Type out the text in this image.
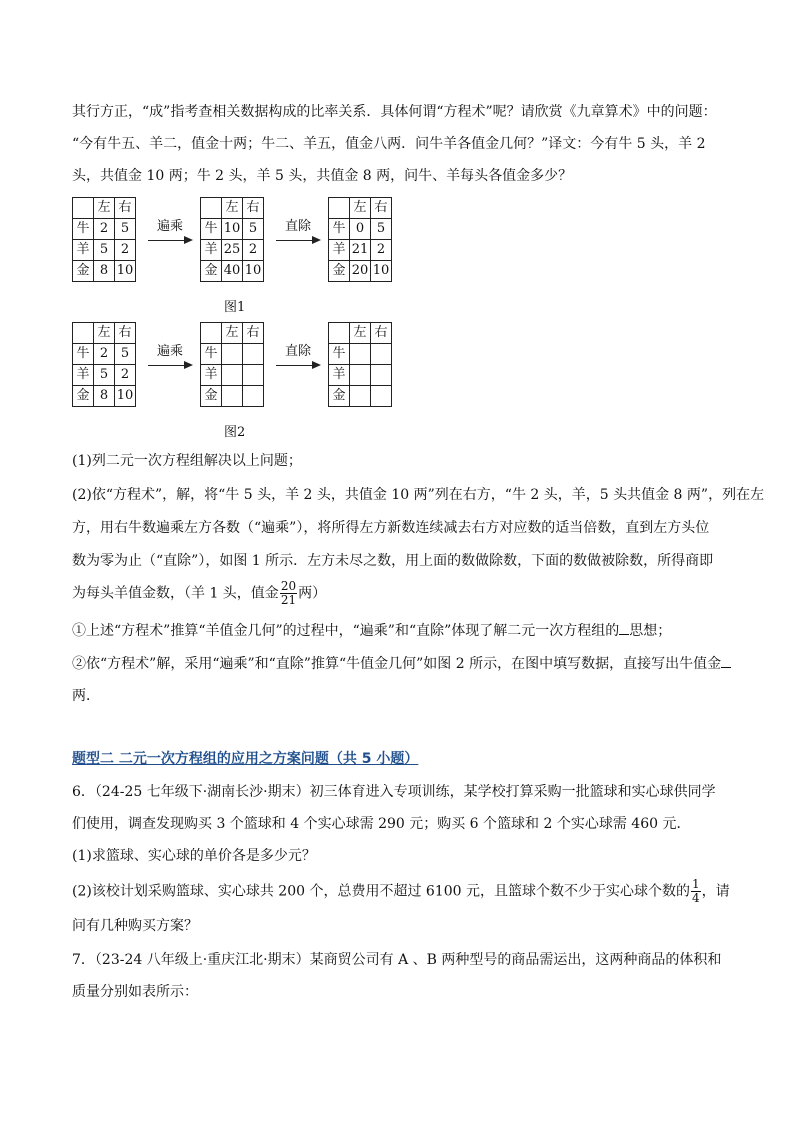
其行方正，“成”指考查相关数据构成的比率关系．具体何谓“方程术”呢？请欣赏《九章算术》中的问题：
“今有牛五、羊二，值金十两；牛二、羊五，值金八两．问牛羊各值金几何？”译文：今有牛 5 头，羊 2
头，共值金 10 两；牛 2 头，羊 5 头，共值金 8 两，问牛、羊每头各值金多少？
	左	右
牛	2	5
羊	5	2
金	8	10
遍乘
	左	右
牛	10	5
羊	25	2
金	40	10
直除
	左	右
牛	0	5
羊	21	2
金	20	10
图1
	左	右
牛	2	5
羊	5	2
金	8	10
遍乘
	左	右
牛		
羊		
金		
直除
	左	右
牛		
羊		
金		
图2
(1)列二元一次方程组解决以上问题；
(2)依“方程术”，解，将“牛 5 头，羊 2 头，共值金 10 两”列在右方，“牛 2 头，羊，5 头共值金 8 两”，列在左
方，用右牛数遍乘左方各数（“遍乘”），将所得左方新数连续减去右方对应数的适当倍数，直到左方头位
数为零为止（“直除”），如图 1 所示．左方未尽之数，用上面的数做除数，下面的数做被除数，所得商即
为每头羊值金数，（羊 1 头，值金 $\frac{20}{21}$ 两）
①上述“方程术”推算“羊值金几何”的过程中，“遍乘”和“直除”体现了解二元一次方程组的 思想；
②依“方程术”解，采用“遍乘”和“直除”推算“牛值金几何”如图 2 所示，在图中填写数据，直接写出牛值金
两．
题型二 二元一次方程组的应用之方案问题（共 5 小题）
6．（24-25 七年级下·湖南长沙·期末）初三体育进入专项训练，某学校打算采购一批篮球和实心球供同学
们使用，调查发现购买 3 个篮球和 4 个实心球需 290 元；购买 6 个篮球和 2 个实心球需 460 元．
(1)求篮球、实心球的单价各是多少元？
(2)该校计划采购篮球、实心球共 200 个，总费用不超过 6100 元，且篮球个数不少于实心球个数的 $\frac{1}{4}$ ，请
问有几种购买方案？
7．（23-24 八年级上·重庆江北·期末）某商贸公司有 A 、B 两种型号的商品需运出，这两种商品的体积和
质量分别如表所示：
